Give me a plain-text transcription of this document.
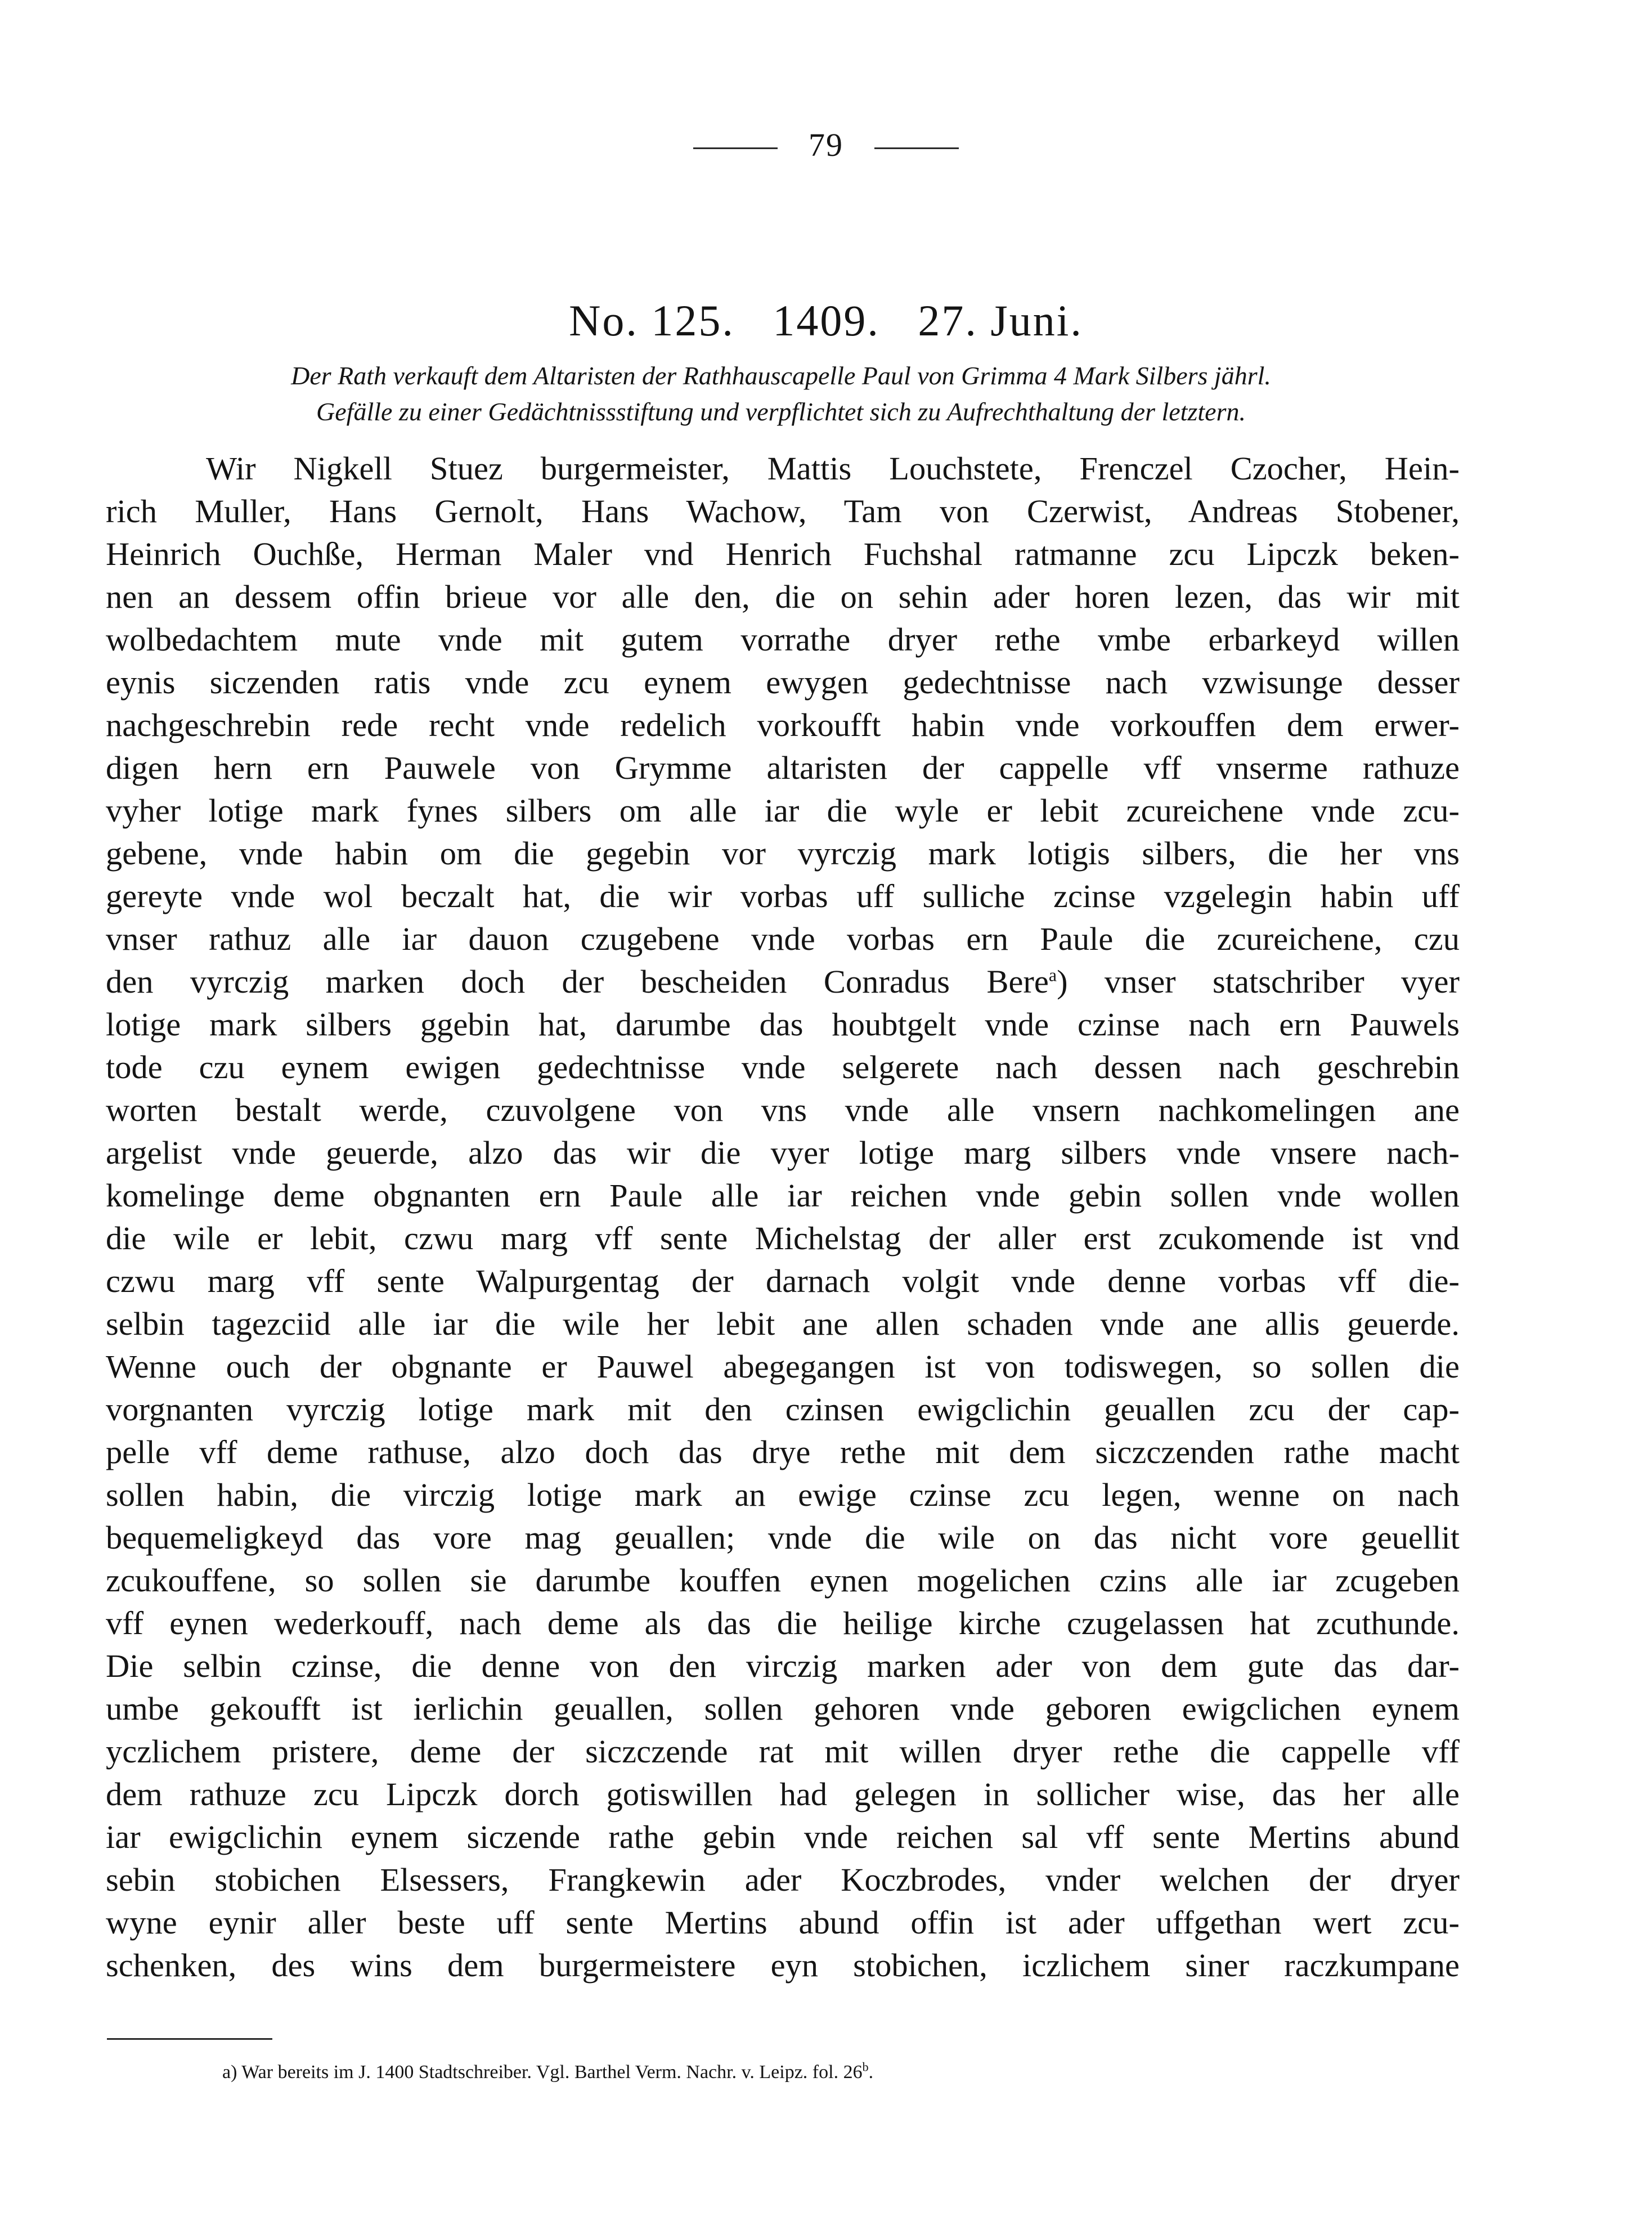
79
No. 125.   1409.   27. Juni.
Der Rath verkauft dem Altaristen der Rathhauscapelle Paul von Grimma 4 Mark Silbers jährl.
Gefälle zu einer Gedächtnissstiftung und verpflichtet sich zu Aufrechthaltung der letztern.
Wir Nigkell Stuez burgermeister, Mattis Louchstete, Frenczel Czocher, Hein-
rich Muller, Hans Gernolt, Hans Wachow, Tam von Czerwist, Andreas Stobener,
Heinrich Ouchße, Herman Maler vnd Henrich Fuchshal ratmanne zcu Lipczk beken-
nen an dessem offin brieue vor alle den, die on sehin ader horen lezen, das wir mit
wolbedachtem mute vnde mit gutem vorrathe dryer rethe vmbe erbarkeyd willen
eynis siczenden ratis vnde zcu eynem ewygen gedechtnisse nach vzwisunge desser
nachgeschrebin rede recht vnde redelich vorkoufft habin vnde vorkouffen dem erwer-
digen hern ern Pauwele von Grymme altaristen der cappelle vff vnserme rathuze
vyher lotige mark fynes silbers om alle iar die wyle er lebit zcureichene vnde zcu-
gebene, vnde habin om die gegebin vor vyrczig mark lotigis silbers, die her vns
gereyte vnde wol beczalt hat, die wir vorbas uff sulliche zcinse vzgelegin habin uff
vnser rathuz alle iar dauon czugebene vnde vorbas ern Paule die zcureichene, czu
den vyrczig marken doch der bescheiden Conradus Bere$^a$) vnser statschriber vyer
lotige mark silbers ggebin hat, darumbe das houbtgelt vnde czinse nach ern Pauwels
tode czu eynem ewigen gedechtnisse vnde selgerete nach dessen nach geschrebin
worten bestalt werde, czuvolgene von vns vnde alle vnsern nachkomelingen ane
argelist vnde geuerde, alzo das wir die vyer lotige marg silbers vnde vnsere nach-
komelinge deme obgnanten ern Paule alle iar reichen vnde gebin sollen vnde wollen
die wile er lebit, czwu marg vff sente Michelstag der aller erst zcukomende ist vnd
czwu marg vff sente Walpurgentag der darnach volgit vnde denne vorbas vff die-
selbin tagezciid alle iar die wile her lebit ane allen schaden vnde ane allis geuerde.
Wenne ouch der obgnante er Pauwel abegegangen ist von todiswegen, so sollen die
vorgnanten vyrczig lotige mark mit den czinsen ewigclichin geuallen zcu der cap-
pelle vff deme rathuse, alzo doch das drye rethe mit dem siczczenden rathe macht
sollen habin, die virczig lotige mark an ewige czinse zcu legen, wenne on nach
bequemeligkeyd das vore mag geuallen; vnde die wile on das nicht vore geuellit
zcukouffene, so sollen sie darumbe kouffen eynen mogelichen czins alle iar zcugeben
vff eynen wederkouff, nach deme als das die heilige kirche czugelassen hat zcuthunde.
Die selbin czinse, die denne von den virczig marken ader von dem gute das dar-
umbe gekoufft ist ierlichin geuallen, sollen gehoren vnde geboren ewigclichen eynem
yczlichem pristere, deme der siczczende rat mit willen dryer rethe die cappelle vff
dem rathuze zcu Lipczk dorch gotiswillen had gelegen in sollicher wise, das her alle
iar ewigclichin eynem siczende rathe gebin vnde reichen sal vff sente Mertins abund
sebin stobichen Elsessers, Frangkewin ader Koczbrodes, vnder welchen der dryer
wyne eynir aller beste uff sente Mertins abund offin ist ader uffgethan wert zcu-
schenken, des wins dem burgermeistere eyn stobichen, iczlichem siner raczkumpane
a) War bereits im J. 1400 Stadtschreiber. Vgl. Barthel Verm. Nachr. v. Leipz. fol. 26$^b$.
